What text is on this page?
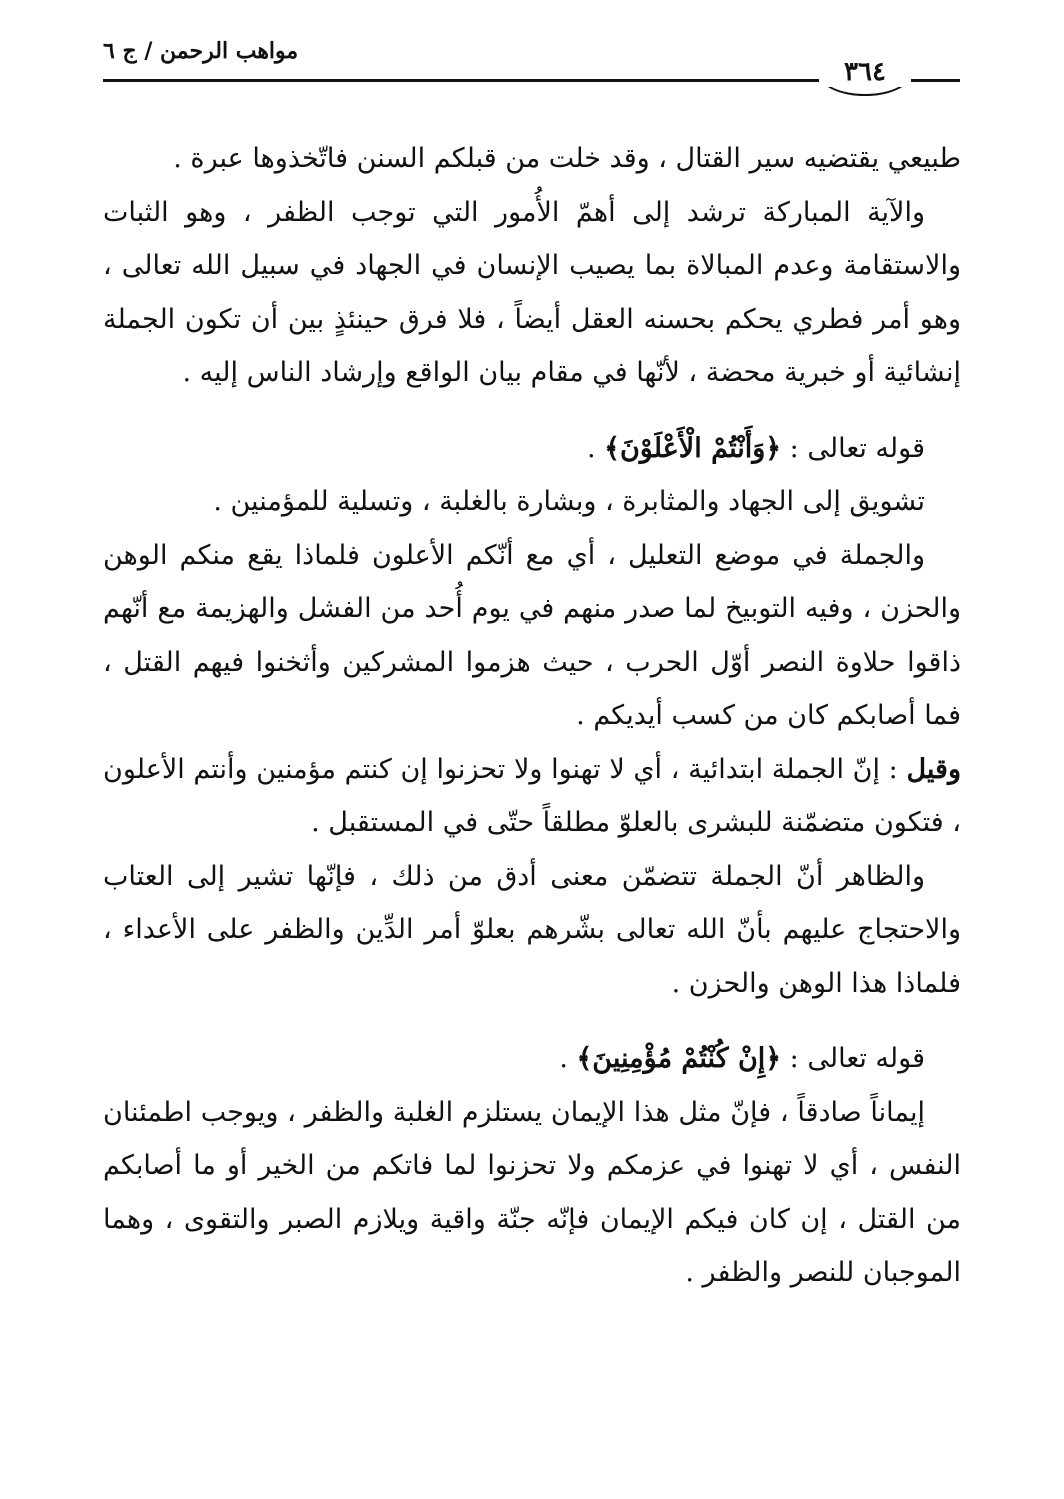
٣٦٤
مواهب الرحمن / ج ٦

طبيعي يقتضيه سير القتال ، وقد خلت من قبلكم السنن فاتّخذوها عبرة .

والآية المباركة ترشد إلى أهمّ الأُمور التي توجب الظفر ، وهو الثبات والاستقامة وعدم المبالاة بما يصيب الإنسان في الجهاد في سبيل الله تعالى ، وهو أمر فطري يحكم بحسنه العقل أيضاً ، فلا فرق حينئذٍ بين أن تكون الجملة إنشائية أو خبرية محضة ، لأنّها في مقام بيان الواقع وإرشاد الناس إليه .

قوله تعالى : ﴿وَأَنْتُمْ الْأَعْلَوْنَ﴾ .

تشويق إلى الجهاد والمثابرة ، وبشارة بالغلبة ، وتسلية للمؤمنين .

والجملة في موضع التعليل ، أي مع أنّكم الأعلون فلماذا يقع منكم الوهن والحزن ، وفيه التوبيخ لما صدر منهم في يوم أُحد من الفشل والهزيمة مع أنّهم ذاقوا حلاوة النصر أوّل الحرب ، حيث هزموا المشركين وأثخنوا فيهم القتل ، فما أصابكم كان من كسب أيديكم .

وقيل : إنّ الجملة ابتدائية ، أي لا تهنوا ولا تحزنوا إن كنتم مؤمنين وأنتم الأعلون ، فتكون متضمّنة للبشرى بالعلوّ مطلقاً حتّى في المستقبل .

والظاهر أنّ الجملة تتضمّن معنى أدق من ذلك ، فإنّها تشير إلى العتاب والاحتجاج عليهم بأنّ الله تعالى بشّرهم بعلوّ أمر الدِّين والظفر على الأعداء ، فلماذا هذا الوهن والحزن .

قوله تعالى : ﴿إِنْ كُنْتُمْ مُؤْمِنِينَ﴾ .

إيماناً صادقاً ، فإنّ مثل هذا الإيمان يستلزم الغلبة والظفر ، ويوجب اطمئنان النفس ، أي لا تهنوا في عزمكم ولا تحزنوا لما فاتكم من الخير أو ما أصابكم من القتل ، إن كان فيكم الإيمان فإنّه جنّة واقية ويلازم الصبر والتقوى ، وهما الموجبان للنصر والظفر .
